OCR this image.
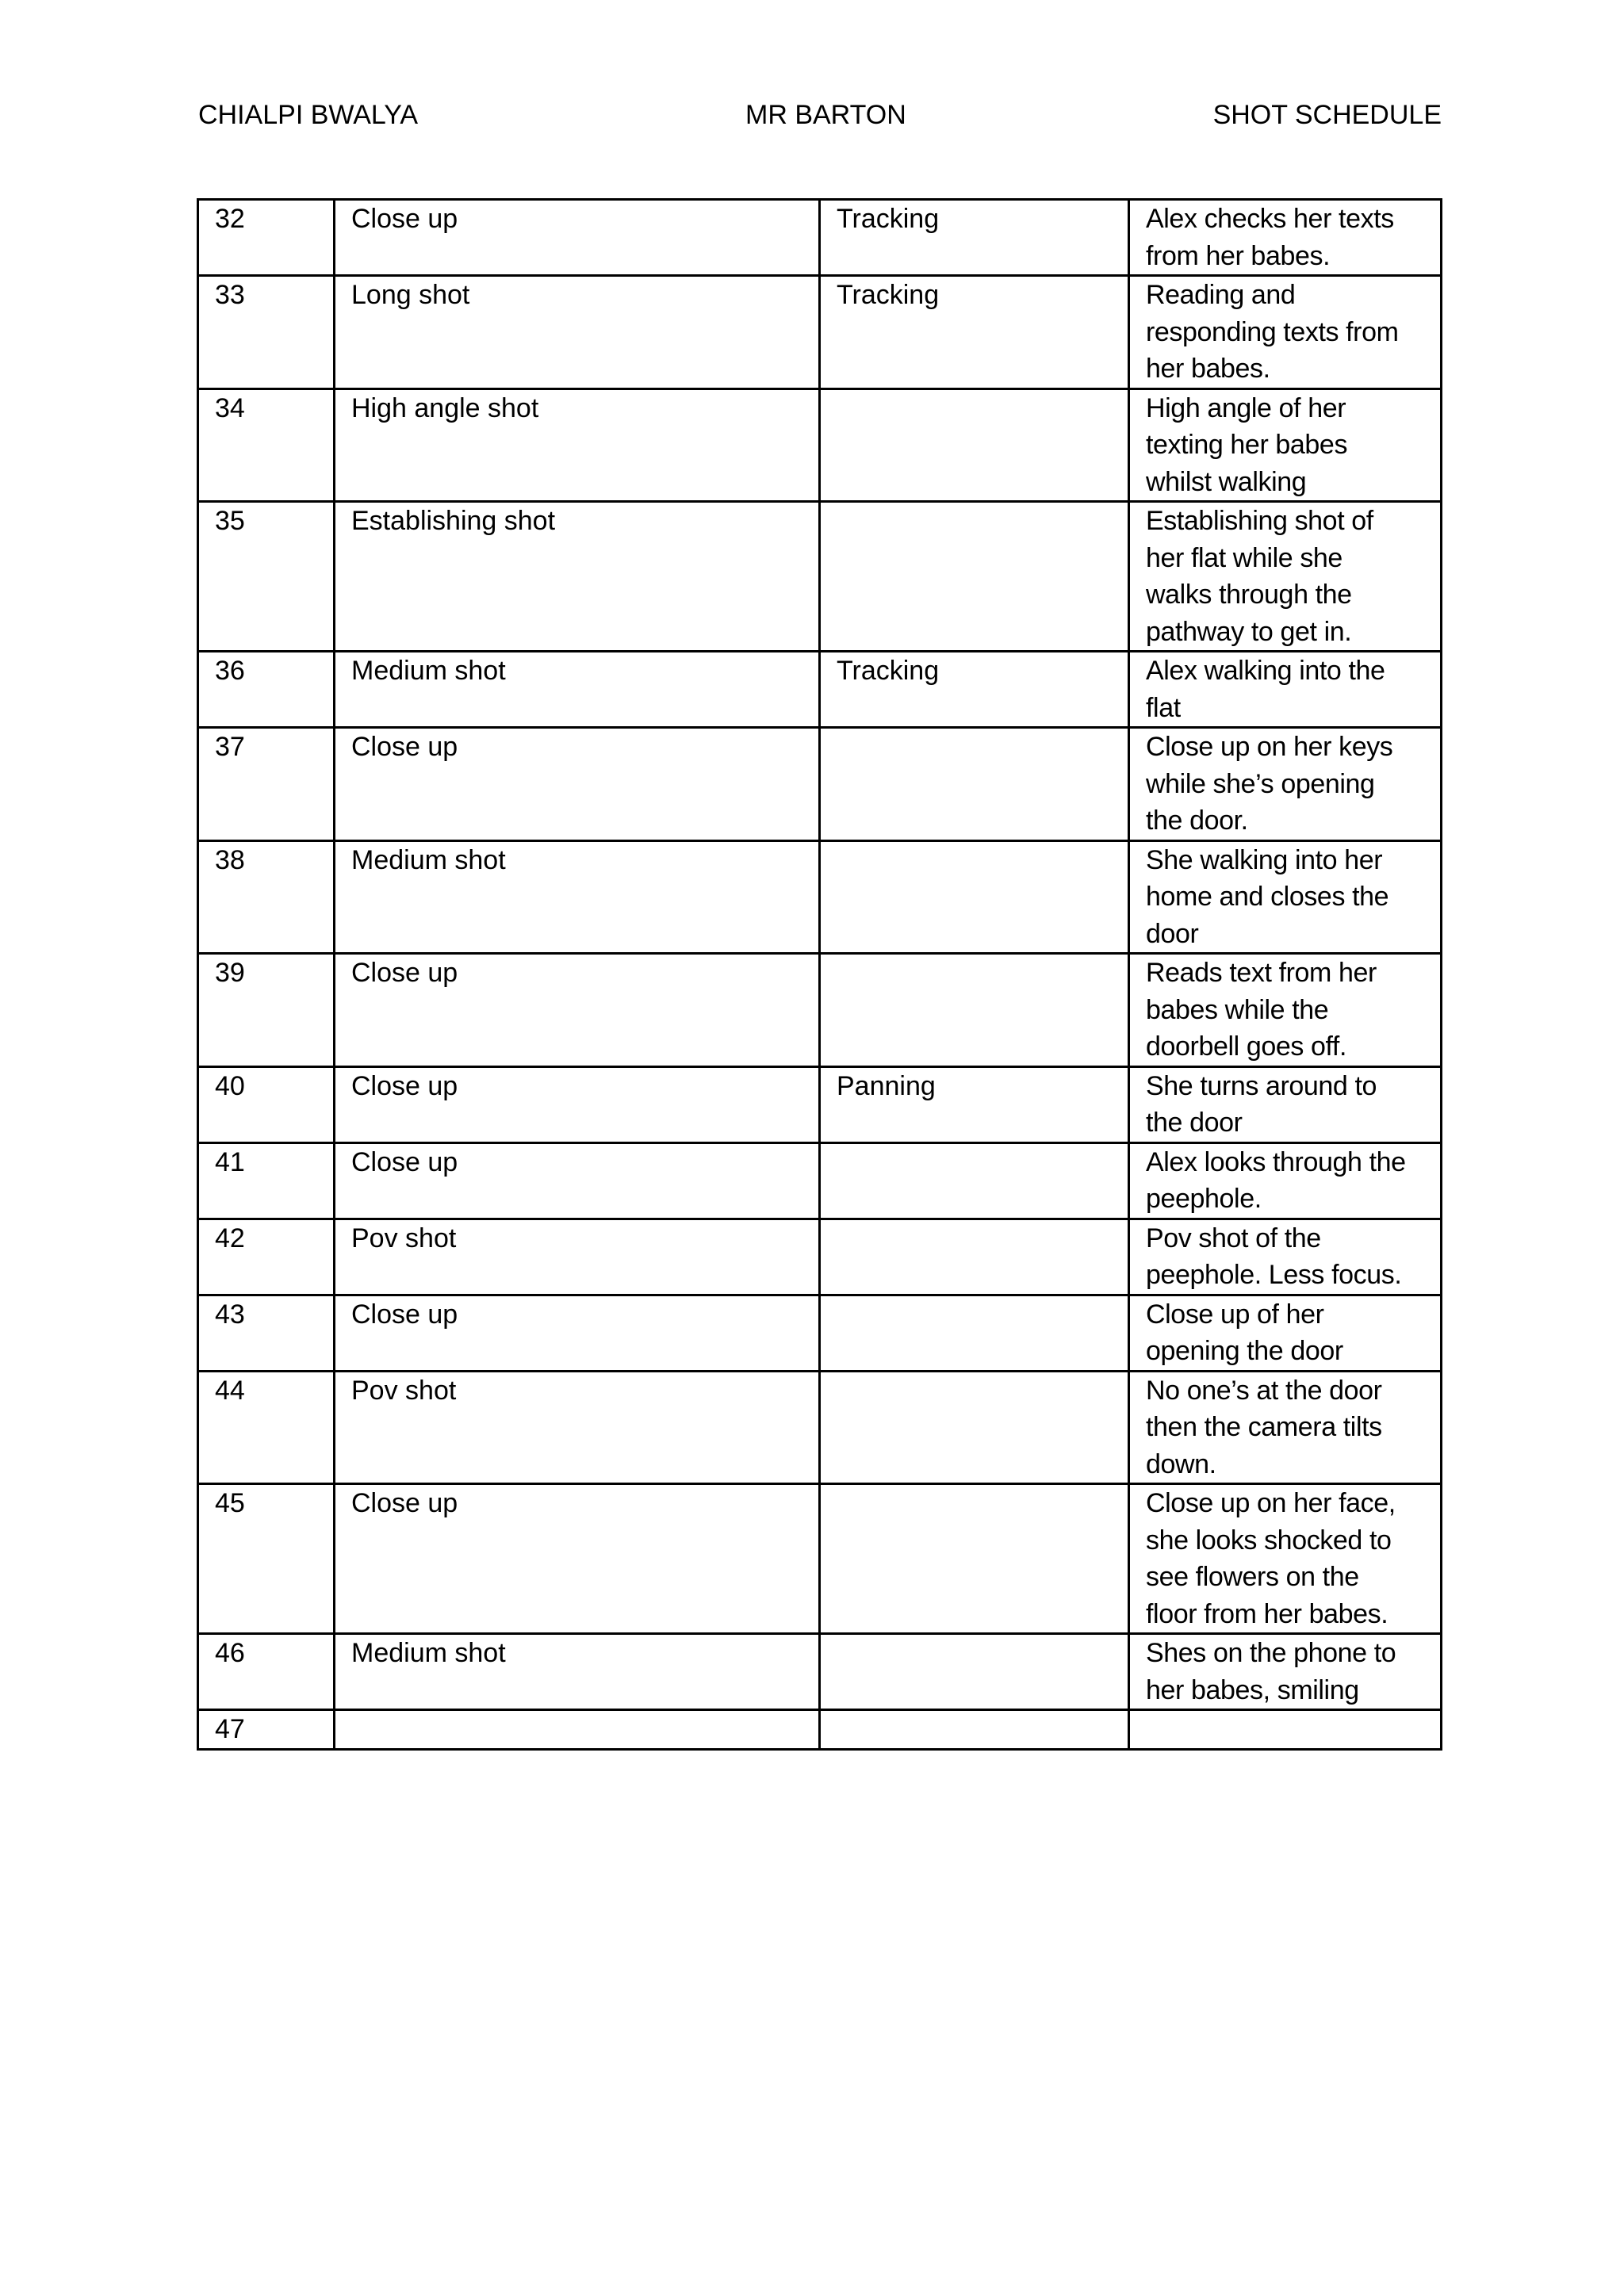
CHIALPI BWALYA	MR BARTON	SHOT SCHEDULE
32	Close up	Tracking	Alex checks her texts
from her babes.

33	Long shot	Tracking	Reading and
responding texts from
her babes.

34	High angle shot		High angle of her
texting her babes
whilst walking

35	Establishing shot		Establishing shot of
her flat while she
walks through the
pathway to get in.

36	Medium shot	Tracking	Alex walking into the
flat

37	Close up		Close up on her keys
while she’s opening
the door.

38	Medium shot		She walking into her
home and closes the
door

39	Close up		Reads text from her
babes while the
doorbell goes off.

40	Close up	Panning	She turns around to
the door

41	Close up		Alex looks through the
peephole.

42	Pov shot		Pov shot of the
peephole. Less focus.

43	Close up		Close up of her
opening the door

44	Pov shot		No one’s at the door
then the camera tilts
down.

45	Close up		Close up on her face,
she looks shocked to
see flowers on the
floor from her babes.

46	Medium shot		Shes on the phone to
her babes, smiling

47			
